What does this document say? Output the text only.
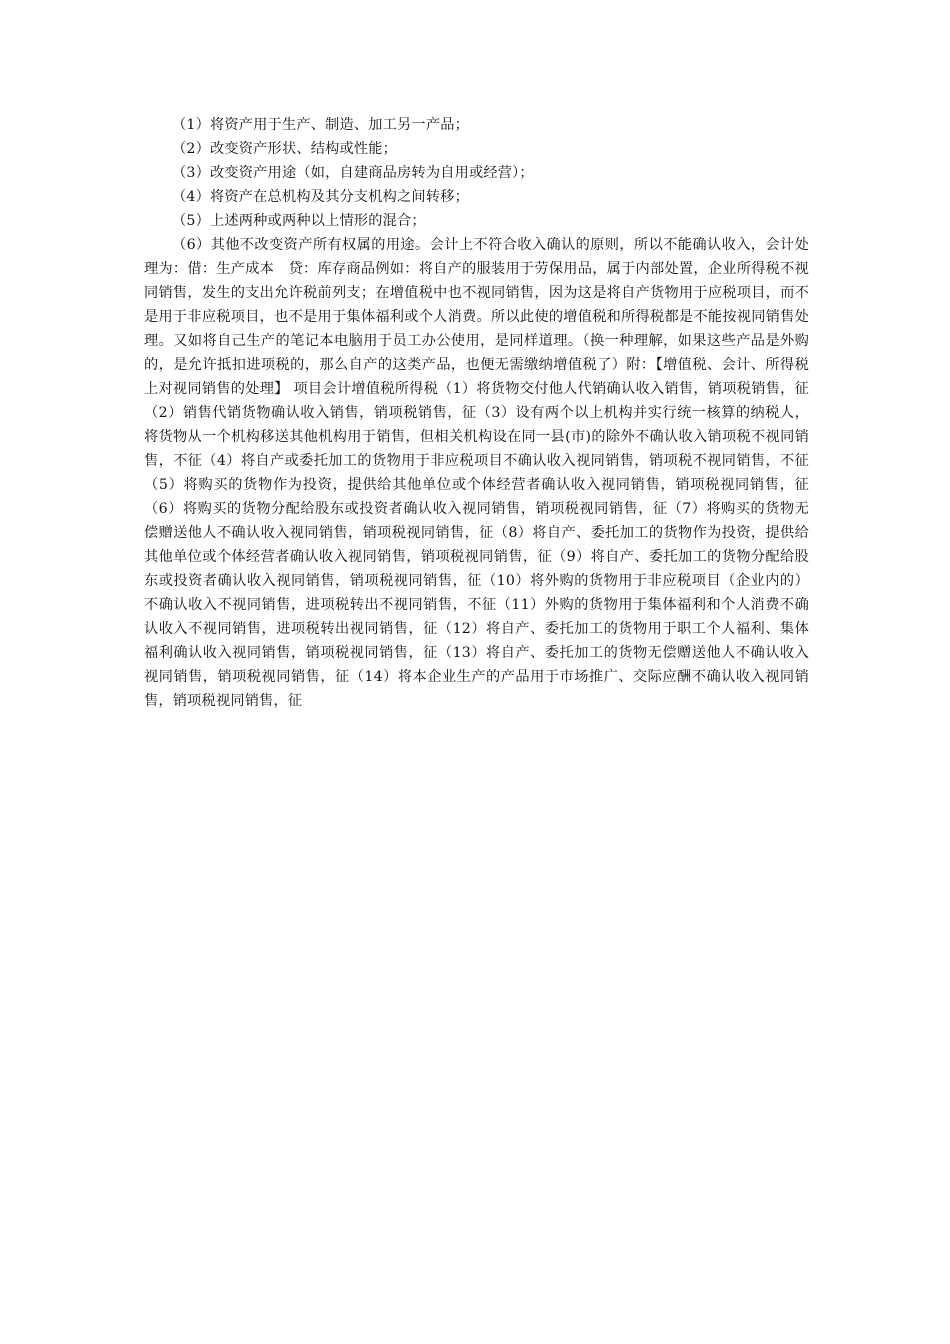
（1）将资产用于生产、制造、加工另一产品；

（2）改变资产形状、结构或性能；

（3）改变资产用途（如，自建商品房转为自用或经营）；

（4）将资产在总机构及其分支机构之间转移；

（5）上述两种或两种以上情形的混合；

（6）其他不改变资产所有权属的用途。会计上不符合收入确认的原则，所以不能确认收入，会计处理为：借：生产成本　贷：库存商品例如：将自产的服装用于劳保用品，属于内部处置，企业所得税不视同销售，发生的支出允许税前列支；在增值税中也不视同销售，因为这是将自产货物用于应税项目，而不是用于非应税项目，也不是用于集体福利或个人消费。所以此使的增值税和所得税都是不能按视同销售处理。又如将自己生产的笔记本电脑用于员工办公使用，是同样道理。（换一种理解，如果这些产品是外购的，是允许抵扣进项税的，那么自产的这类产品，也便无需缴纳增值税了）附：【增值税、会计、所得税上对视同销售的处理】 项目会计增值税所得税（1）将货物交付他人代销确认收入销售，销项税销售，征（2）销售代销货物确认收入销售，销项税销售，征（3）设有两个以上机构并实行统一核算的纳税人，将货物从一个机构移送其他机构用于销售，但相关机构设在同一县(市)的除外不确认收入销项税不视同销售，不征（4）将自产或委托加工的货物用于非应税项目不确认收入视同销售，销项税不视同销售，不征（5）将购买的货物作为投资，提供给其他单位或个体经营者确认收入视同销售，销项税视同销售，征（6）将购买的货物分配给股东或投资者确认收入视同销售，销项税视同销售，征（7）将购买的货物无偿赠送他人不确认收入视同销售，销项税视同销售，征（8）将自产、委托加工的货物作为投资，提供给其他单位或个体经营者确认收入视同销售，销项税视同销售，征（9）将自产、委托加工的货物分配给股东或投资者确认收入视同销售，销项税视同销售，征（10）将外购的货物用于非应税项目（企业内的）不确认收入不视同销售，进项税转出不视同销售，不征（11）外购的货物用于集体福利和个人消费不确认收入不视同销售，进项税转出视同销售，征（12）将自产、委托加工的货物用于职工个人福利、集体福利确认收入视同销售，销项税视同销售，征（13）将自产、委托加工的货物无偿赠送他人不确认收入视同销售，销项税视同销售，征（14）将本企业生产的产品用于市场推广、交际应酬不确认收入视同销售，销项税视同销售，征
